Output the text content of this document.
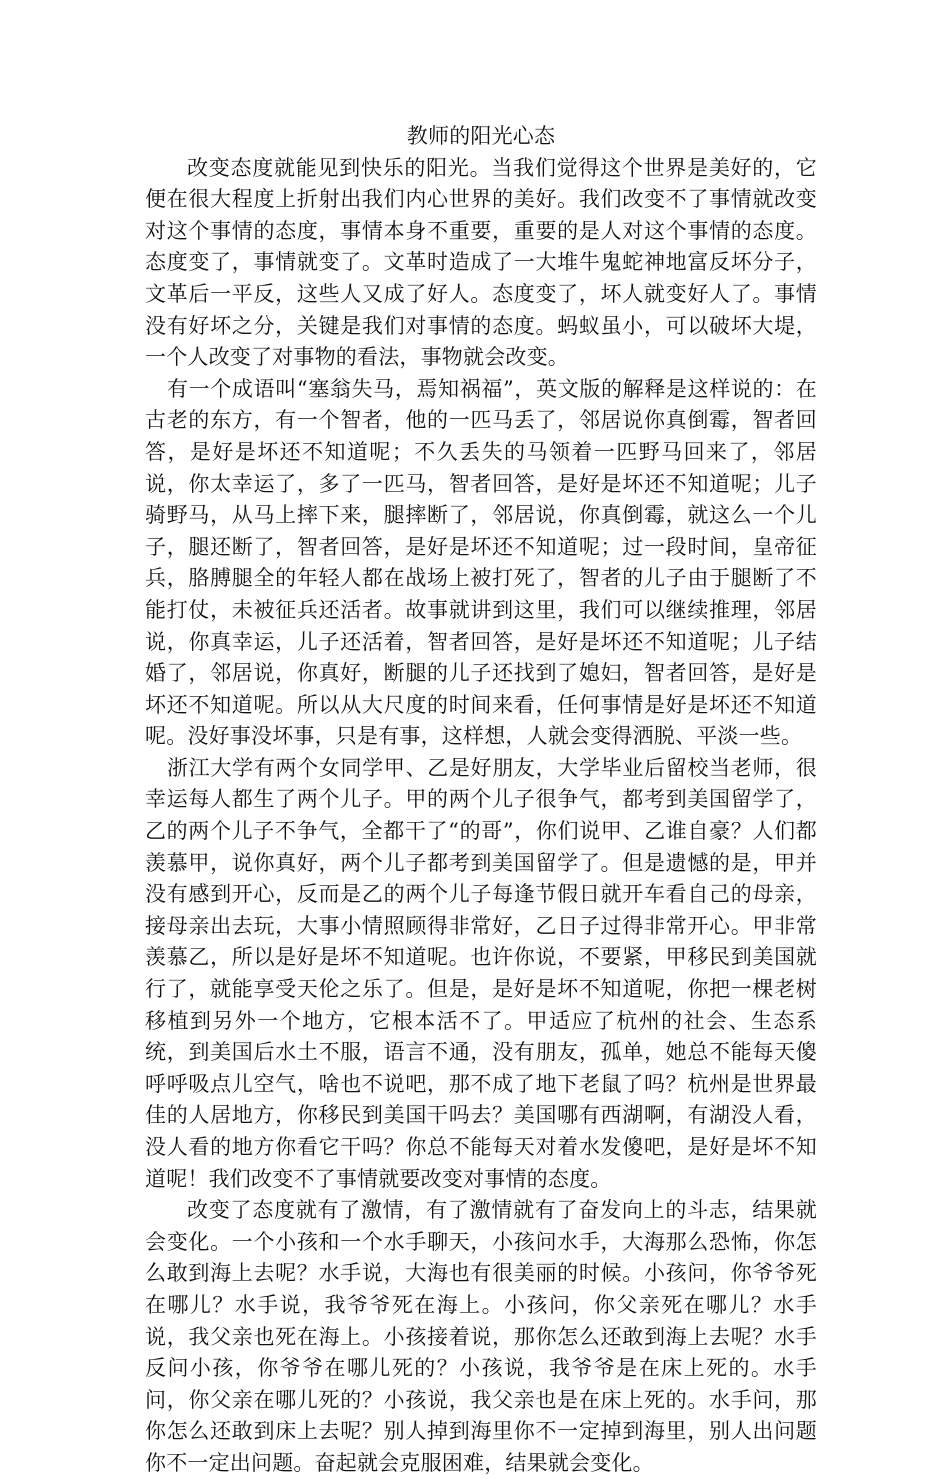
教师的阳光心态

改变态度就能见到快乐的阳光。当我们觉得这个世界是美好的，它便在很大程度上折射出我们内心世界的美好。我们改变不了事情就改变对这个事情的态度，事情本身不重要，重要的是人对这个事情的态度。态度变了，事情就变了。文革时造成了一大堆牛鬼蛇神地富反坏分子，文革后一平反，这些人又成了好人。态度变了，坏人就变好人了。事情没有好坏之分，关键是我们对事情的态度。蚂蚁虽小，可以破坏大堤，一个人改变了对事物的看法，事物就会改变。

有一个成语叫“塞翁失马，焉知祸福”，英文版的解释是这样说的：在古老的东方，有一个智者，他的一匹马丢了，邻居说你真倒霉，智者回答，是好是坏还不知道呢；不久丢失的马领着一匹野马回来了，邻居说，你太幸运了，多了一匹马，智者回答，是好是坏还不知道呢；儿子骑野马，从马上摔下来，腿摔断了，邻居说，你真倒霉，就这么一个儿子，腿还断了，智者回答，是好是坏还不知道呢；过一段时间，皇帝征兵，胳膊腿全的年轻人都在战场上被打死了，智者的儿子由于腿断了不能打仗，未被征兵还活者。故事就讲到这里，我们可以继续推理，邻居说，你真幸运，儿子还活着，智者回答，是好是坏还不知道呢；儿子结婚了，邻居说，你真好，断腿的儿子还找到了媳妇，智者回答，是好是坏还不知道呢。所以从大尺度的时间来看，任何事情是好是坏还不知道呢。没好事没坏事，只是有事，这样想，人就会变得洒脱、平淡一些。

浙江大学有两个女同学甲、乙是好朋友，大学毕业后留校当老师，很幸运每人都生了两个儿子。甲的两个儿子很争气，都考到美国留学了，乙的两个儿子不争气，全都干了“的哥”，你们说甲、乙谁自豪？人们都羡慕甲，说你真好，两个儿子都考到美国留学了。但是遗憾的是，甲并没有感到开心，反而是乙的两个儿子每逢节假日就开车看自己的母亲，接母亲出去玩，大事小情照顾得非常好，乙日子过得非常开心。甲非常羡慕乙，所以是好是坏不知道呢。也许你说，不要紧，甲移民到美国就行了，就能享受天伦之乐了。但是，是好是坏不知道呢，你把一棵老树移植到另外一个地方，它根本活不了。甲适应了杭州的社会、生态系统，到美国后水土不服，语言不通，没有朋友，孤单，她总不能每天傻呼呼吸点儿空气，啥也不说吧，那不成了地下老鼠了吗？杭州是世界最佳的人居地方，你移民到美国干吗去？美国哪有西湖啊，有湖没人看，没人看的地方你看它干吗？你总不能每天对着水发傻吧，是好是坏不知道呢！我们改变不了事情就要改变对事情的态度。

改变了态度就有了激情，有了激情就有了奋发向上的斗志，结果就会变化。一个小孩和一个水手聊天，小孩问水手，大海那么恐怖，你怎么敢到海上去呢？水手说，大海也有很美丽的时候。小孩问，你爷爷死在哪儿？水手说，我爷爷死在海上。小孩问，你父亲死在哪儿？水手说，我父亲也死在海上。小孩接着说，那你怎么还敢到海上去呢？水手反问小孩，你爷爷在哪儿死的？小孩说，我爷爷是在床上死的。水手问，你父亲在哪儿死的？小孩说，我父亲也是在床上死的。水手问，那你怎么还敢到床上去呢？别人掉到海里你不一定掉到海里，别人出问题你不一定出问题。奋起就会克服困难，结果就会变化。
